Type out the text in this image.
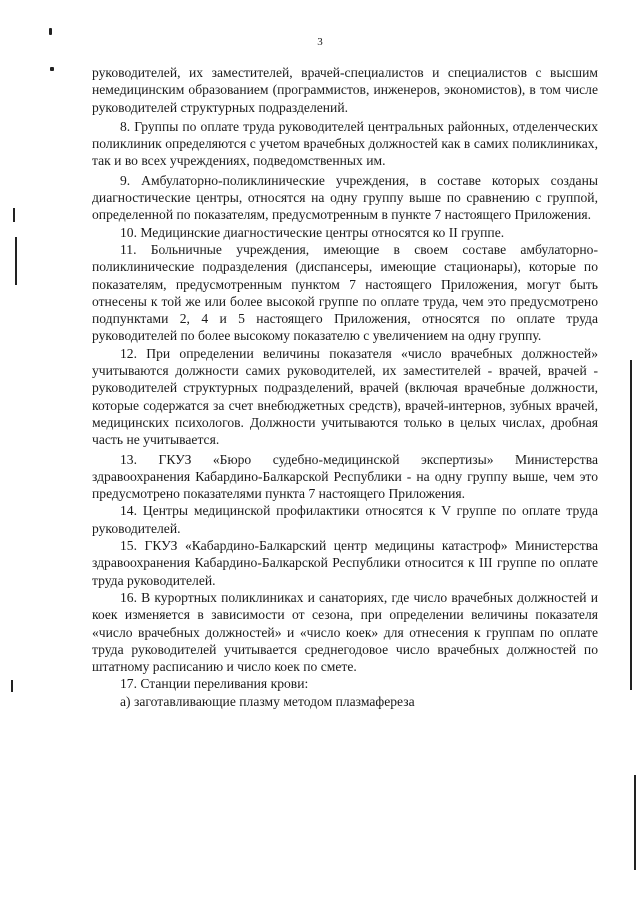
3

руководителей, их заместителей, врачей-специалистов и специалистов с высшим немедицинским образованием (программистов, инженеров, экономистов), в том числе руководителей структурных подразделений.

8. Группы по оплате труда руководителей центральных районных, отделенческих поликлиник определяются с учетом врачебных должностей как в самих поликлиниках, так и во всех учреждениях, подведомственных им.

9. Амбулаторно-поликлинические учреждения, в составе которых созданы диагностические центры, относятся на одну группу выше по сравнению с группой, определенной по показателям, предусмотренным в пункте 7 настоящего Приложения.

10. Медицинские диагностические центры относятся ко II группе.

11. Больничные учреждения, имеющие в своем составе амбулаторно-поликлинические подразделения (диспансеры, имеющие стационары), которые по показателям, предусмотренным пунктом 7 настоящего Приложения, могут быть отнесены к той же или более высокой группе по оплате труда, чем это предусмотрено подпунктами 2, 4 и 5 настоящего Приложения, относятся по оплате труда руководителей по более высокому показателю с увеличением на одну группу.

12. При определении величины показателя «число врачебных должностей» учитываются должности самих руководителей, их заместителей - врачей, врачей - руководителей структурных подразделений, врачей (включая врачебные должности, которые содержатся за счет внебюджетных средств), врачей-интернов, зубных врачей, медицинских психологов. Должности учитываются только в целых числах, дробная часть не учитывается.

13. ГКУЗ «Бюро судебно-медицинской экспертизы» Министерства здравоохранения Кабардино-Балкарской Республики - на одну группу выше, чем это предусмотрено показателями пункта 7 настоящего Приложения.

14. Центры медицинской профилактики относятся к V группе по оплате труда руководителей.

15. ГКУЗ «Кабардино-Балкарский центр медицины катастроф» Министерства здравоохранения Кабардино-Балкарской Республики относится к III группе по оплате труда руководителей.

16. В курортных поликлиниках и санаториях, где число врачебных должностей и коек изменяется в зависимости от сезона, при определении величины показателя «число врачебных должностей» и «число коек» для отнесения к группам по оплате труда руководителей учитывается среднегодовое число врачебных должностей по штатному расписанию и число коек по смете.

17. Станции переливания крови:

а) заготавливающие плазму методом плазмафереза
